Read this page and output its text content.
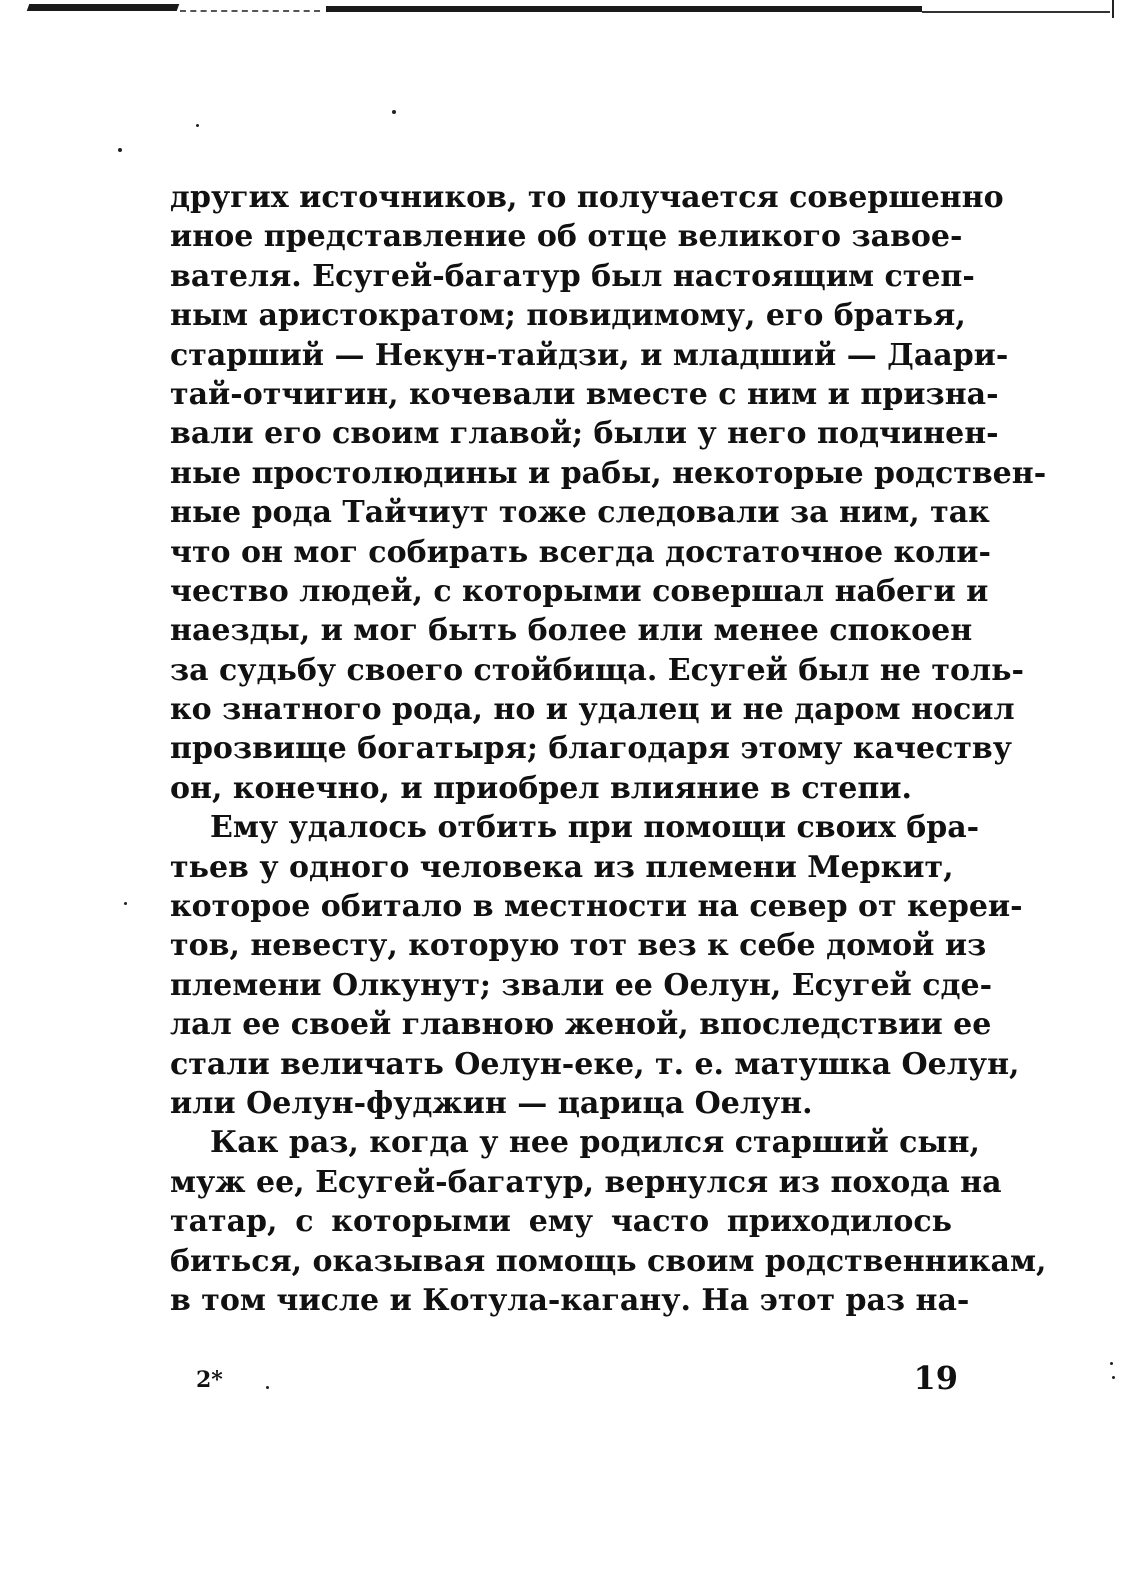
других источников, то получается совершенно
иное представление об отце великого завое-
вателя. Есугей-багатур был настоящим степ-
ным аристократом; повидимому, его братья,
старший — Некун-тайдзи, и младший — Даари-
тай-отчигин, кочевали вместе с ним и призна-
вали его своим главой; были у него подчинен-
ные простолюдины и рабы, некоторые родствен-
ные рода Тайчиут тоже следовали за ним, так
что он мог собирать всегда достаточное коли-
чество людей, с которыми совершал набеги и
наезды, и мог быть более или менее спокоен
за судьбу своего стойбища. Есугей был не толь-
ко знатного рода, но и удалец и не даром носил
прозвище богатыря; благодаря этому качеству
он, конечно, и приобрел влияние в степи.
Ему удалось отбить при помощи своих бра-
тьев у одного человека из племени Меркит,
которое обитало в местности на север от кереи-
тов, невесту, которую тот вез к себе домой из
племени Олкунут; звали ее Оелун, Есугей сде-
лал ее своей главною женой, впоследствии ее
стали величать Оелун-еке, т. е. матушка Оелун,
или Оелун-фуджин — царица Оелун.
Как раз, когда у нее родился старший сын,
муж ее, Есугей-багатур, вернулся из похода на
татар, с которыми ему часто приходилось
биться, оказывая помощь своим родственникам,
в том числе и Котула-кагану. На этот раз на-
2*	19
